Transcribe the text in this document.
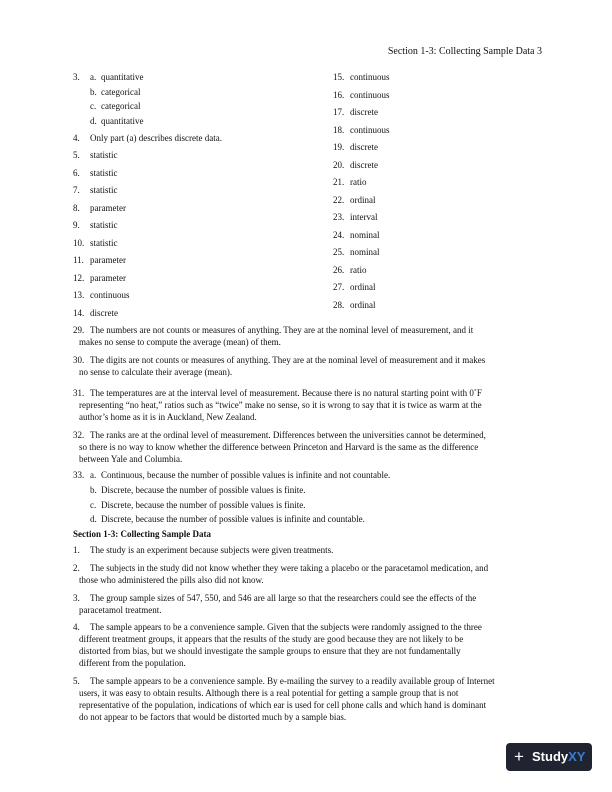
Section 1-3: Collecting Sample Data 3
3.	a. quantitative
b. categorical
c. categorical
d. quantitative
4.	Only part (a) describes discrete data.
5.	statistic
6.	statistic
7.	statistic
8.	parameter
9.	statistic
10. statistic
11. parameter
12. parameter
13. continuous
14. discrete
15. continuous
16. continuous
17. discrete
18. continuous
19. discrete
20. discrete
21. ratio
22. ordinal
23. interval
24. nominal
25. nominal
26. ratio
27. ordinal
28. ordinal
29. The numbers are not counts or measures of anything. They are at the nominal level of measurement, and it
makes no sense to compute the average (mean) of them.
30. The digits are not counts or measures of anything. They are at the nominal level of measurement and it makes
no sense to calculate their average (mean).
31. The temperatures are at the interval level of measurement. Because there is no natural starting point with 0˚F
representing “no heat,” ratios such as “twice” make no sense, so it is wrong to say that it is twice as warm at the
author’s home as it is in Auckland, New Zealand.
32. The ranks are at the ordinal level of measurement. Differences between the universities cannot be determined,
so there is no way to know whether the difference between Princeton and Harvard is the same as the difference
between Yale and Columbia.
33. a. Continuous, because the number of possible values is infinite and not countable.
b. Discrete, because the number of possible values is finite.
c. Discrete, because the number of possible values is finite.
d. Discrete, because the number of possible values is infinite and countable.
Section 1-3: Collecting Sample Data
1. The study is an experiment because subjects were given treatments.
2. The subjects in the study did not know whether they were taking a placebo or the paracetamol medication, and
those who administered the pills also did not know.
3. The group sample sizes of 547, 550, and 546 are all large so that the researchers could see the effects of the
paracetamol treatment.
4. The sample appears to be a convenience sample. Given that the subjects were randomly assigned to the three
different treatment groups, it appears that the results of the study are good because they are not likely to be
distorted from bias, but we should investigate the sample groups to ensure that they are not fundamentally
different from the population.
5. The sample appears to be a convenience sample. By e-mailing the survey to a readily available group of Internet
users, it was easy to obtain results. Although there is a real potential for getting a sample group that is not
representative of the population, indications of which ear is used for cell phone calls and which hand is dominant
do not appear to be factors that would be distorted much by a sample bias.
+ StudyXY
